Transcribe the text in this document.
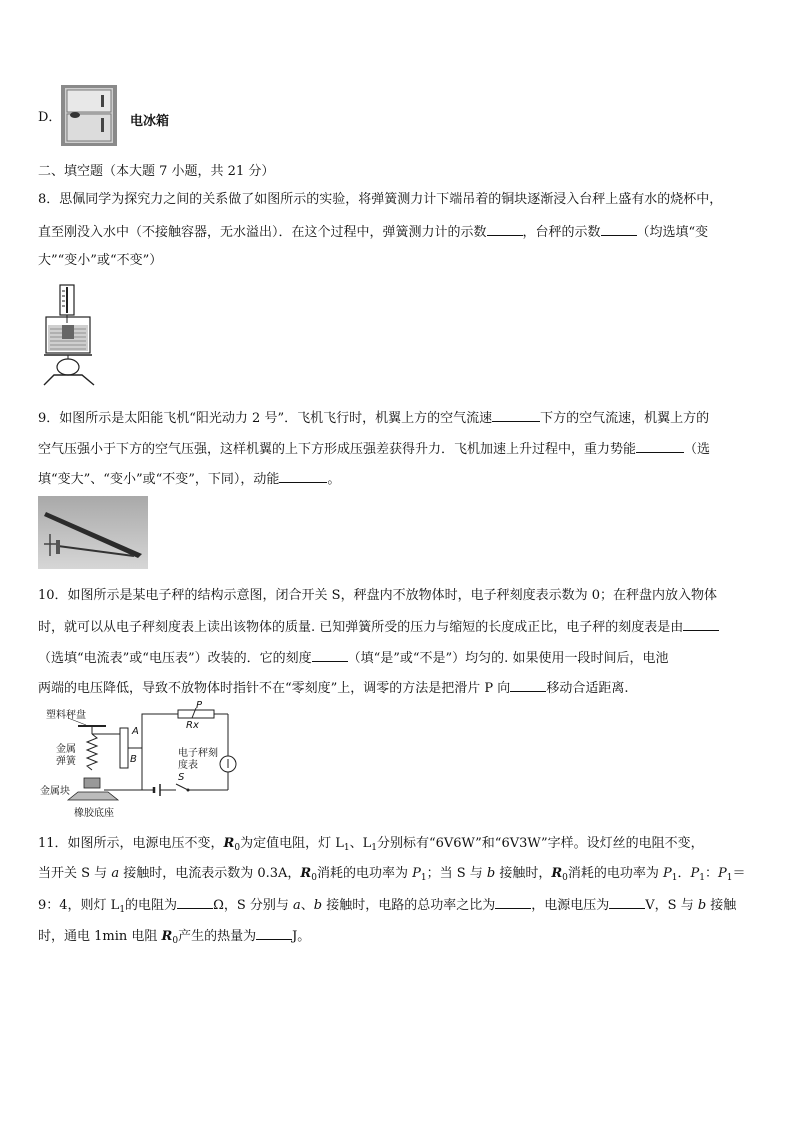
D．	电冰箱
二、填空题（本大题 7 小题，共 21 分）
8．思佩同学为探究力之间的关系做了如图所示的实验，将弹簧测力计下端吊着的铜块逐渐浸入台秤上盛有水的烧杯中，
直至刚没入水中（不接触容器，无水溢出）．在这个过程中，弹簧测力计的示数	，台秤的示数	（均选填“变
大”“变小”或“不变”）
9．如图所示是太阳能飞机“阳光动力 2 号”．飞机飞行时，机翼上方的空气流速	下方的空气流速，机翼上方的
空气压强小于下方的空气压强，这样机翼的上下方形成压强差获得升力．飞机加速上升过程中，重力势能	（选
填“变大”、“变小”或“不变”，下同），动能	。
10．如图所示是某电子秤的结构示意图，闭合开关 S，秤盘内不放物体时，电子秤刻度表示数为 0；在秤盘内放入物体
时，就可以从电子秤刻度表上读出该物体的质量. 已知弹簧所受的压力与缩短的长度成正比，电子秤的刻度表是由
（选填“电流表”或“电压表”）改装的．它的刻度	（填“是”或“不是”）均匀的. 如果使用一段时间后，电池
两端的电压降低，导致不放物体时指针不在“零刻度”上，调零的方法是把滑片 P 向	移动合适距离.
塑料秤盘
A
B
P
Rx
金属弹簧
金属块
橡胶底座
电子秤刻度表
S
11．如图所示，电源电压不变，$R_0$为定值电阻，灯 $L_1$、$L_1$分别标有“6V6W”和“6V3W”字样。设灯丝的电阻不变，
当开关 S 与 a 接触时，电流表示数为 0.3A，$R_0$消耗的电功率为 $P_1$；当 S 与 b 接触时，$R_0$消耗的电功率为 $P_1$．$P_1$：$P_1=$
9：4，则灯 $L_1$的电阻为	Ω，S 分别与 a、b 接触时，电路的总功率之比为	，电源电压为	V，S 与 b 接触
时，通电 1min 电阻 $R_0$产生的热量为	J。
